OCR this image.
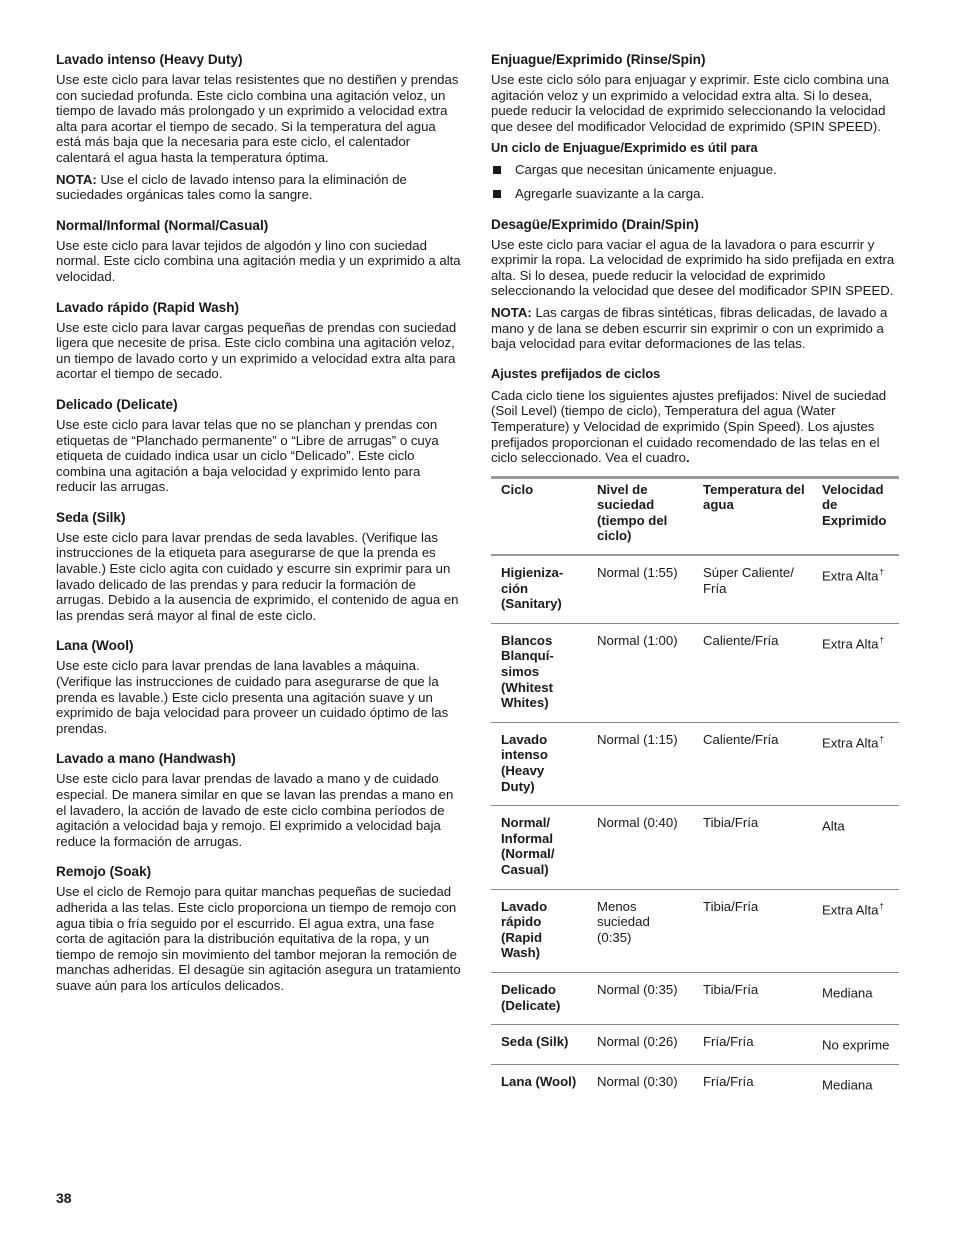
Lavado intenso (Heavy Duty)

Use este ciclo para lavar telas resistentes que no destiñen y prendas con suciedad profunda. Este ciclo combina una agitación veloz, un tiempo de lavado más prolongado y un exprimido a velocidad extra alta para acortar el tiempo de secado. Si la temperatura del agua está más baja que la necesaria para este ciclo, el calentador calentará el agua hasta la temperatura óptima.

NOTA: Use el ciclo de lavado intenso para la eliminación de suciedades orgánicas tales como la sangre.

Normal/Informal (Normal/Casual)

Use este ciclo para lavar tejidos de algodón y lino con suciedad normal. Este ciclo combina una agitación media y un exprimido a alta velocidad.

Lavado rápido (Rapid Wash)

Use este ciclo para lavar cargas pequeñas de prendas con suciedad ligera que necesite de prisa. Este ciclo combina una agitación veloz, un tiempo de lavado corto y un exprimido a velocidad extra alta para acortar el tiempo de secado.

Delicado (Delicate)

Use este ciclo para lavar telas que no se planchan y prendas con etiquetas de “Planchado permanente” o “Libre de arrugas” o cuya etiqueta de cuidado indica usar un ciclo “Delicado”. Este ciclo combina una agitación a baja velocidad y exprimido lento para reducir las arrugas.

Seda (Silk)

Use este ciclo para lavar prendas de seda lavables. (Verifique las instrucciones de la etiqueta para asegurarse de que la prenda es lavable.) Este ciclo agita con cuidado y escurre sin exprimir para un lavado delicado de las prendas y para reducir la formación de arrugas. Debido a la ausencia de exprimido, el contenido de agua en las prendas será mayor al final de este ciclo.

Lana (Wool)

Use este ciclo para lavar prendas de lana lavables a máquina. (Verifique las instrucciones de cuidado para asegurarse de que la prenda es lavable.) Este ciclo presenta una agitación suave y un exprimido de baja velocidad para proveer un cuidado óptimo de las prendas.

Lavado a mano (Handwash)

Use este ciclo para lavar prendas de lavado a mano y de cuidado especial. De manera similar en que se lavan las prendas a mano en el lavadero, la acción de lavado de este ciclo combina períodos de agitación a velocidad baja y remojo. El exprimido a velocidad baja reduce la formación de arrugas.

Remojo (Soak)

Use el ciclo de Remojo para quitar manchas pequeñas de suciedad adherida a las telas. Este ciclo proporciona un tiempo de remojo con agua tibia o fría seguido por el escurrido. El agua extra, una fase corta de agitación para la distribución equitativa de la ropa, y un tiempo de remojo sin movimiento del tambor mejoran la remoción de manchas adheridas. El desagüe sin agitación asegura un tratamiento suave aún para los artículos delicados.

Enjuague/Exprimido (Rinse/Spin)

Use este ciclo sólo para enjuagar y exprimir. Este ciclo combina una agitación veloz y un exprimido a velocidad extra alta. Si lo desea, puede reducir la velocidad de exprimido seleccionando la velocidad que desee del modificador Velocidad de exprimido (SPIN SPEED).

Un ciclo de Enjuague/Exprimido es útil para
Cargas que necesitan únicamente enjuague.
Agregarle suavizante a la carga.
Desagüe/Exprimido (Drain/Spin)

Use este ciclo para vaciar el agua de la lavadora o para escurrir y exprimir la ropa. La velocidad de exprimido ha sido prefijada en extra alta. Si lo desea, puede reducir la velocidad de exprimido seleccionando la velocidad que desee del modificador SPIN SPEED.

NOTA: Las cargas de fibras sintéticas, fibras delicadas, de lavado a mano y de lana se deben escurrir sin exprimir o con un exprimido a baja velocidad para evitar deformaciones de las telas.

Ajustes prefijados de ciclos

Cada ciclo tiene los siguientes ajustes prefijados: Nivel de suciedad (Soil Level) (tiempo de ciclo), Temperatura del agua (Water Temperature) y Velocidad de exprimido (Spin Speed). Los ajustes prefijados proporcionan el cuidado recomendado de las telas en el ciclo seleccionado. Vea el cuadro.

Ciclo	Nivel de suciedad (tiempo del ciclo)	Temperatura del agua	Velocidad de Exprimido
Higieniza- ción (Sanitary)	Normal (1:55)	Súper Caliente/ Fría	Extra Alta†
Blancos Blanquí- simos (Whitest Whites)	Normal (1:00)	Caliente/Fría	Extra Alta†
Lavado intenso (Heavy Duty)	Normal (1:15)	Caliente/Fría	Extra Alta†
Normal/ Informal (Normal/ Casual)	Normal (0:40)	Tibia/Fría	Alta
Lavado rápido (Rapid Wash)	Menos suciedad (0:35)	Tibia/Fría	Extra Alta†
Delicado (Delicate)	Normal (0:35)	Tibia/Fría	Mediana
Seda (Silk)	Normal (0:26)	Fría/Fría	No exprime
Lana (Wool)	Normal (0:30)	Fría/Fría	Mediana
38
